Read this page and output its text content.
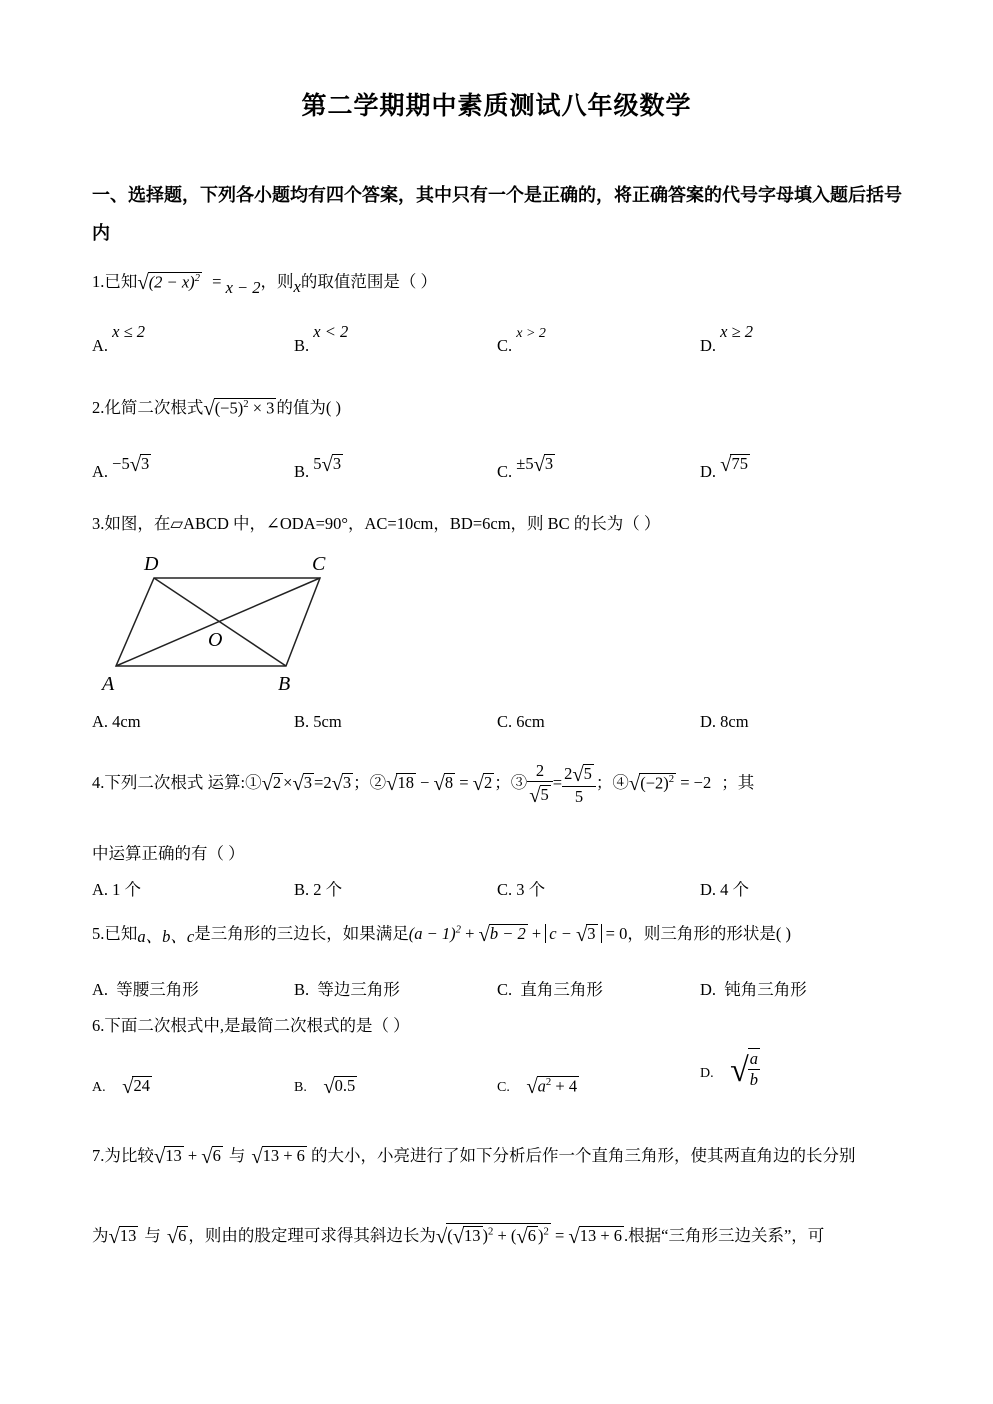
第二学期期中素质测试八年级数学
一、选择题，下列各小题均有四个答案，其中只有一个是正确的，将正确答案的代号字母填入题后括号内
1.已知$√(2 - x)^2 = x - 2$，则x的取值范围是（ ）
A. x ≤ 2
B. x < 2
C. x > 2
D. x ≥ 2
2.化简二次根式$√(-5)^2 \times 3$ 的值为( )
A. −5√3	B. 5√3	C. ±5√3	D. √75
3.如图，在▱ABCD 中，∠ODA=90°，AC=10cm，BD=6cm，则 BC 的长为（ ）
A	B
C
D
O
A. 4cm	B. 5cm	C. 6cm	D. 8cm
4.下列二次根式 运算:①√2 ×√3 =2√3 ；②√18 − √8 = √2 ；③ $\frac{2}{√5} = \frac{2√5}{5}$ ；$④√(-2)^2 = -2$ ；其
中运算正确的有（ ）
A. 1 个	B. 2 个	C. 3 个	D. 4 个
5.已知a、b、c是三角形的三边长，如果满足$(a - 1)^2 + √b - 2 + c - √3 = 0$，则三角形的形状是( )
A. 等腰三角形	B. 等边三角形	C. 直角三角形	D. 钝角三角形
6.下面二次根式中,是最简二次根式的是（ ）
A. √24	B. √0.5	C. $√a^2 + 4$
$_{D.}$ √ $\frac{a}{b}$
7.为比较√13 + √6 与 √13 + 6 的大小，小亮进行了如下分析后作一个直角三角形，使其两直角边的长分别
为√13 与 √6 ，则由的股定理可求得其斜边长为√(√13 )$^2$ + (√6 )$^2$ = √13 + 6 .根据“三角形三边关系”，可
